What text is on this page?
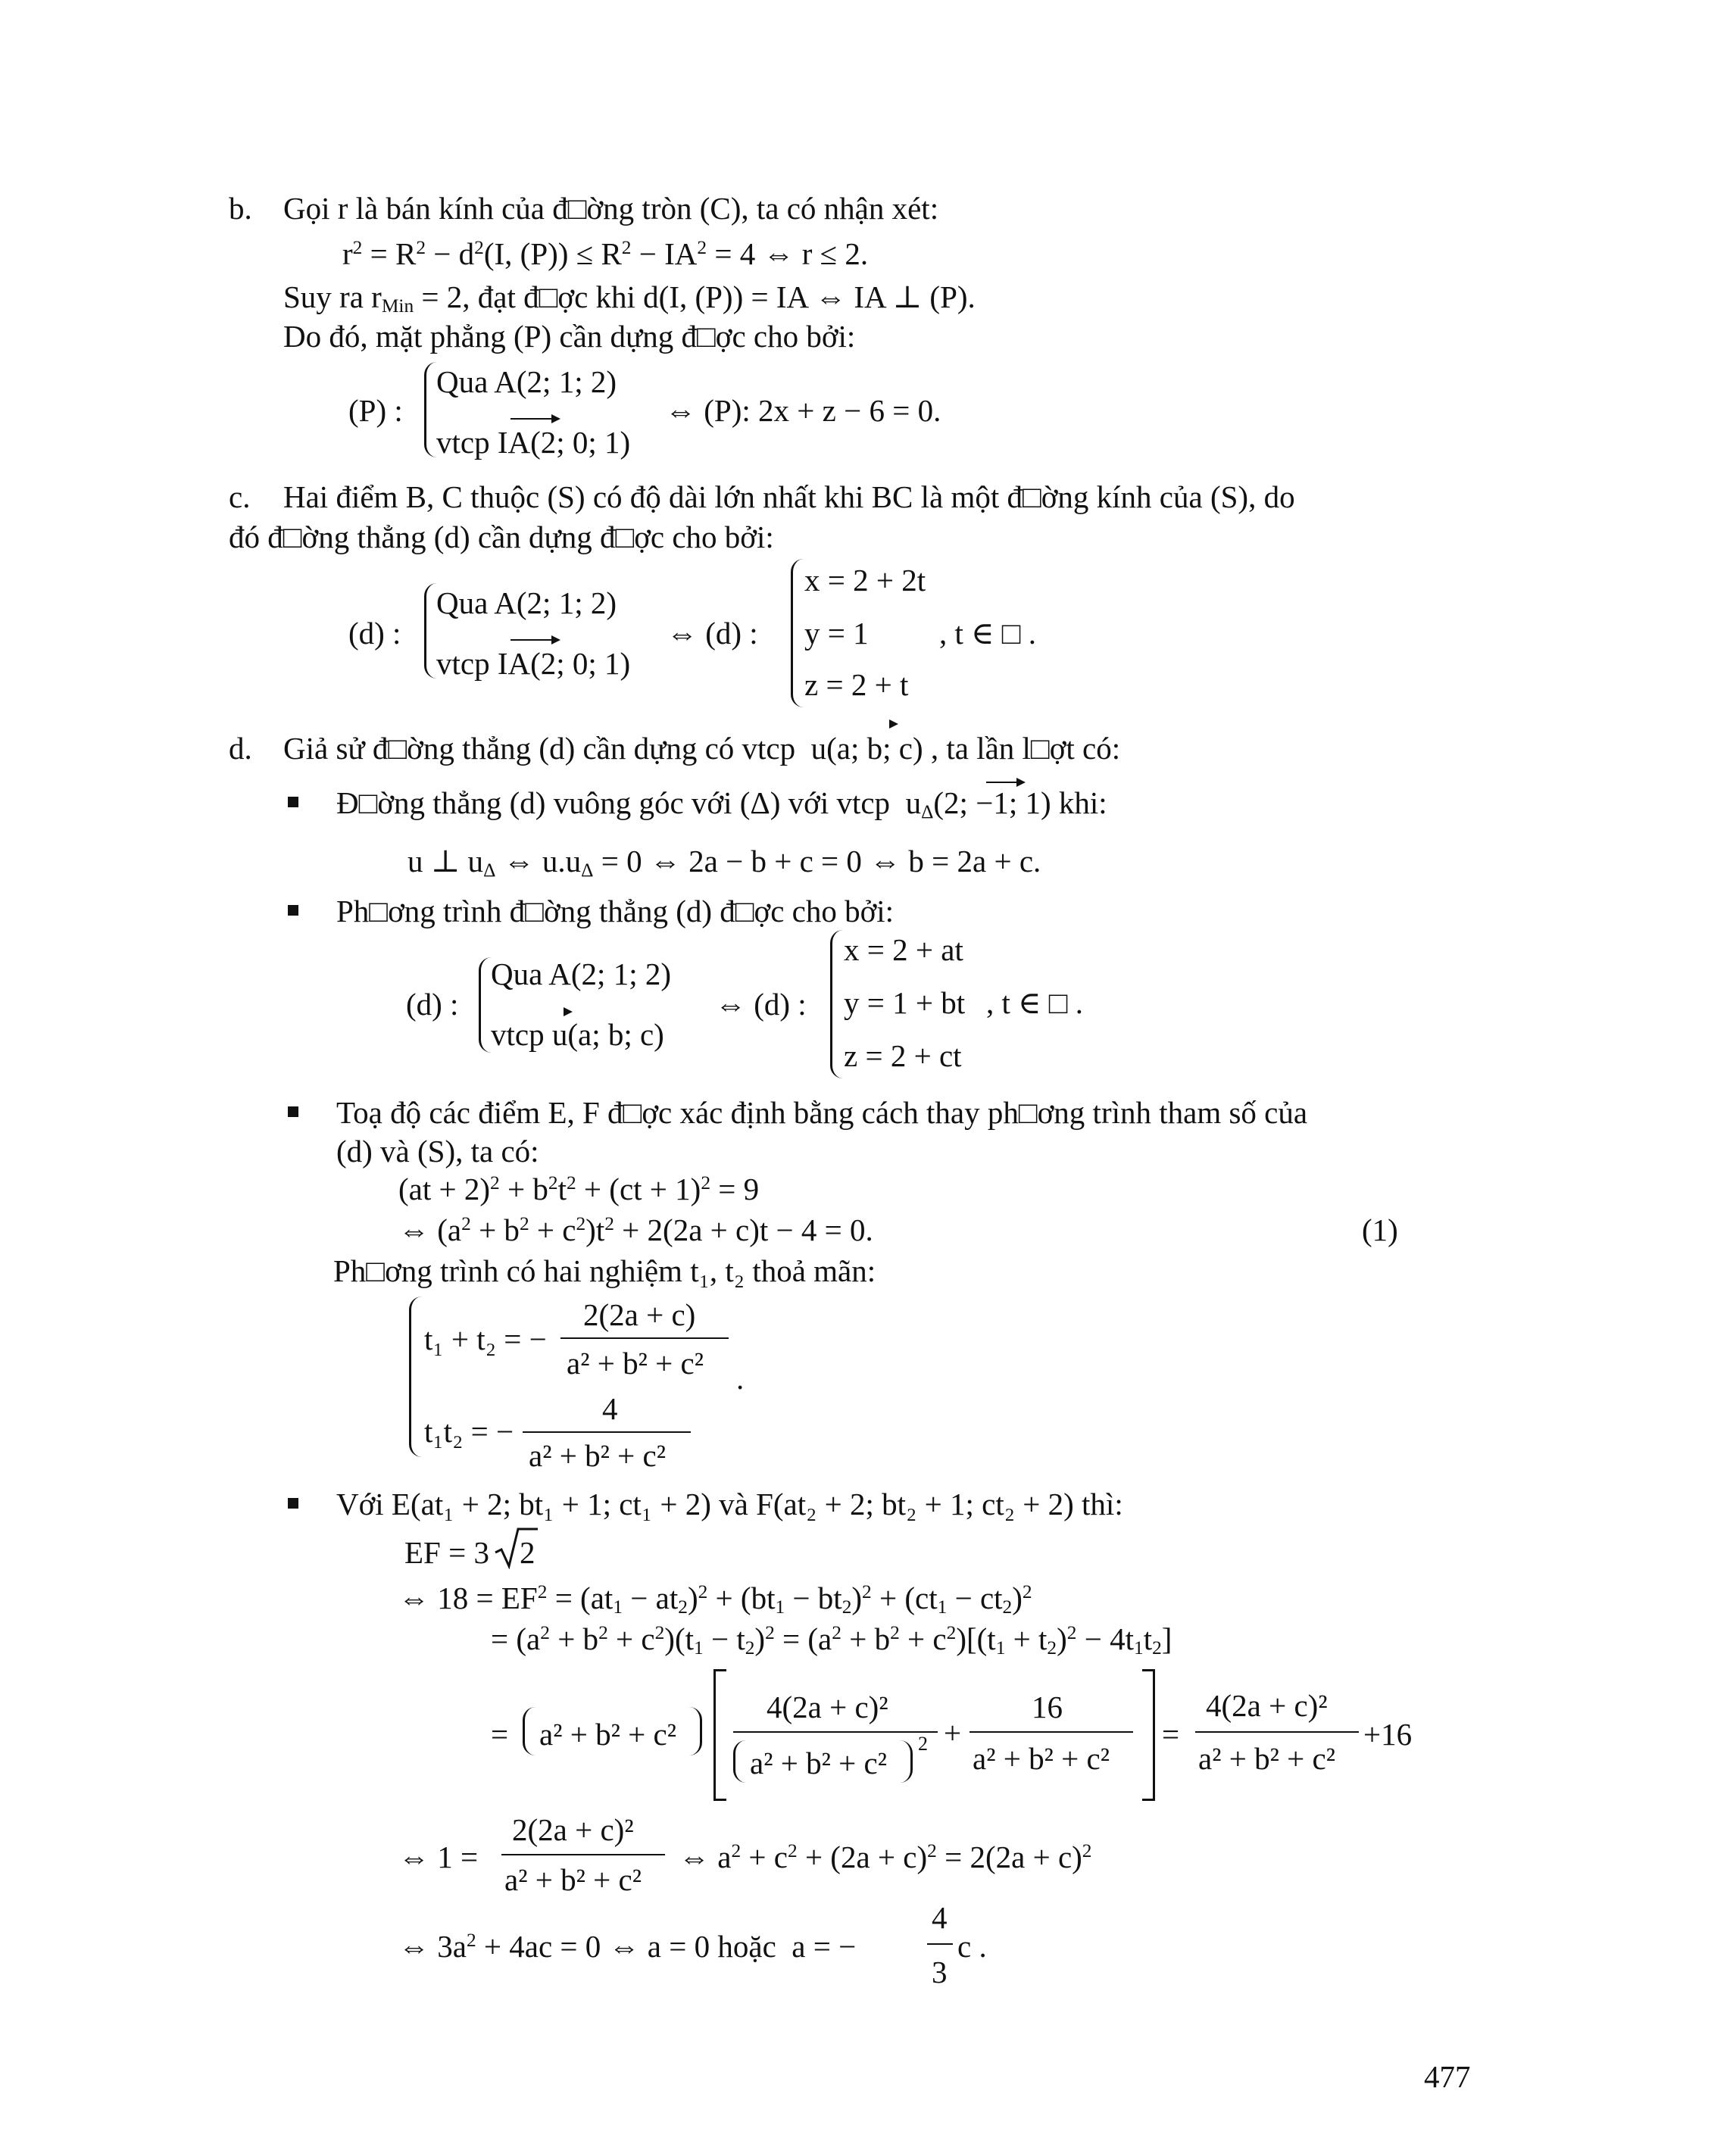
b. Gọi r là bán kính của đ□ờng tròn (C), ta có nhận xét:
$r^2 = R^2 - d^2(I$, $(P)) \le R^2 - IA^2 = 4$ ⇔ r ≤ 2.
Suy ra $r_{Min} = 2$, đạt đ□ợc khi d(I, (P)) = IA ⇔ IA ⊥ (P).
Do đó, mặt phẳng (P) cần dựng đ□ợc cho bởi:
(P) :
Qua A(2; 1; 2)
vtcp IA(2; 0; 1)
⇔ (P): 2x + z − 6 = 0.
c. Hai điểm B, C thuộc (S) có độ dài lớn nhất khi BC là một đ□ờng kính của (S), do
đó đ□ờng thẳng (d) cần dựng đ□ợc cho bởi:
(d) :
Qua A(2; 1; 2)
vtcp IA(2; 0; 1)
⇔ (d) :
x = 2 + 2t
y = 1
z = 2 + t
, t ∈ □ .
d. Giả sử đ□ờng thẳng (d) cần dựng có vtcp u(a; b; c) , ta lần l□ợt có:
Đ□ờng thẳng (d) vuông góc với (Δ) với vtcp $u_\Delta(2$; −1; 1) khi:
u ⊥ $u_\Delta$ ⇔ $u.u_\Delta = 0$ ⇔ 2a − b + c = 0 ⇔ b = 2a + c.
Ph□ơng trình đ□ờng thẳng (d) đ□ợc cho bởi:
(d) :
Qua A(2; 1; 2)
vtcp u(a; b; c)
⇔ (d) :
x = 2 + at
y = 1 + bt
z = 2 + ct
, t ∈ □ .
Toạ độ các điểm E, F đ□ợc xác định bằng cách thay ph□ơng trình tham số của
(d) và (S), ta có:
$(at + 2)^2 + b^2t^2 + (ct + 1)^2 = 9$
⇔ $(a^2 + b^2 + c^2)t^2 + 2(2a + c)t - 4 = 0$.	(1)
Ph□ơng trình có hai nghiệm t₁, t₂ thoả mãn:
t₁ + t₂ = −
2(2a + c)
a² + b² + c² .
t₁t₂ = −
4
a² + b² + c²
Với E(at₁ + 2; bt₁ + 1; ct₁ + 2) và F(at₂ + 2; bt₂ + 1; ct₂ + 2) thì:
EF = 3 2
⇔ $18 = EF^2 = (at_1 - at_2)^2 + (bt_1 - bt_2)^2 + (ct_1 - ct_2)^2$
= $(a^2 + b^2 + c^2)(t_1 - t_2)^2 = (a^2 + b^2 + c^2)[(t_1 + t_2)^2 - 4t_1t_2]$
= a² + b² + c²
4(2a + c)²
a² + b² + c²
2 +
16
a² + b² + c²
=
4(2a + c)²
a² + b² + c²
+16
⇔ 1 =
2(2a + c)²
a² + b² + c²
⇔ $a^2 + c^2 + (2a + c)^2 = 2(2a + c)^2$
⇔ $3a^2 + 4ac = 0$ ⇔ a = 0 hoặc  a = −
4
3
c .
477
